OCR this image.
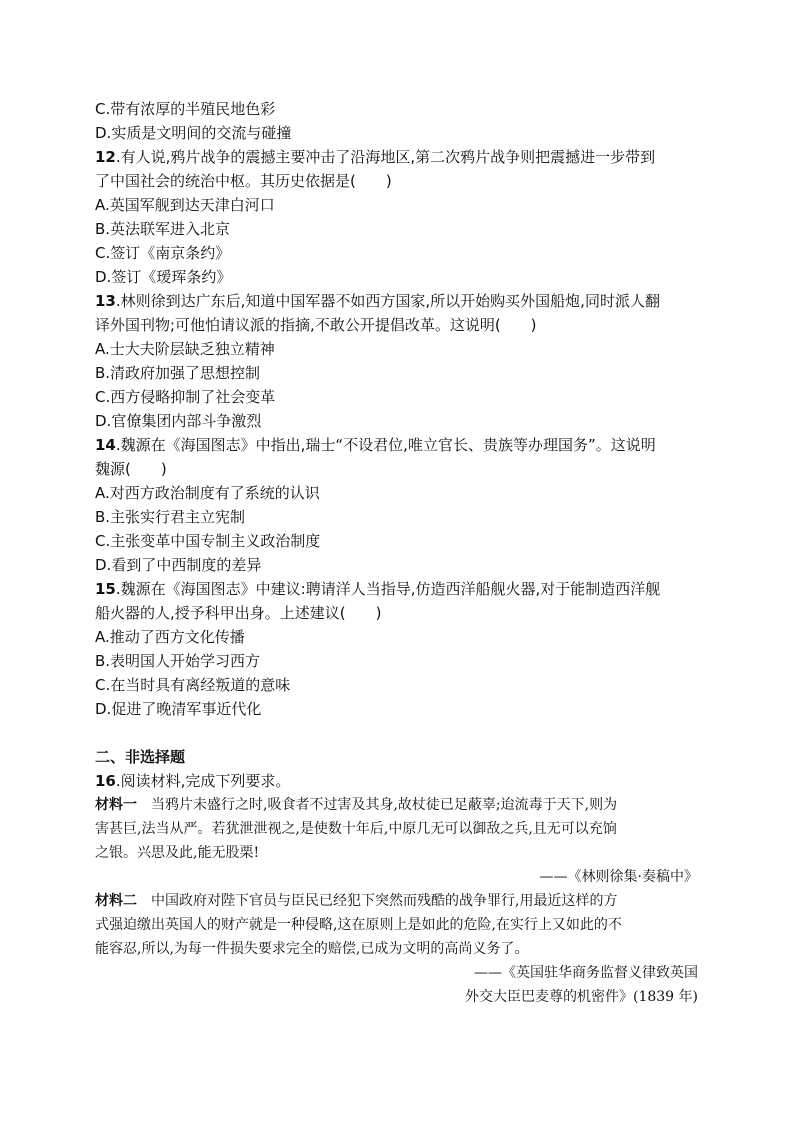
C.带有浓厚的半殖民地色彩
D.实质是文明间的交流与碰撞
12.有人说,鸦片战争的震撼主要冲击了沿海地区,第二次鸦片战争则把震撼进一步带到
了中国社会的统治中枢。其历史依据是(　　)
A.英国军舰到达天津白河口
B.英法联军进入北京
C.签订《南京条约》
D.签订《瑷珲条约》
13.林则徐到达广东后,知道中国军器不如西方国家,所以开始购买外国船炮,同时派人翻
译外国刊物;可他怕请议派的指摘,不敢公开提倡改革。这说明(　　)
A.士大夫阶层缺乏独立精神
B.清政府加强了思想控制
C.西方侵略抑制了社会变革
D.官僚集团内部斗争激烈
14.魏源在《海国图志》中指出,瑞士“不设君位,唯立官长、贵族等办理国务”。这说明
魏源(　　)
A.对西方政治制度有了系统的认识
B.主张实行君主立宪制
C.主张变革中国专制主义政治制度
D.看到了中西制度的差异
15.魏源在《海国图志》中建议:聘请洋人当指导,仿造西洋船舰火器,对于能制造西洋舰
船火器的人,授予科甲出身。上述建议(　　)
A.推动了西方文化传播
B.表明国人开始学习西方
C.在当时具有离经叛道的意味
D.促进了晚清军事近代化
二、非选择题
16.阅读材料,完成下列要求。
材料一 当鸦片未盛行之时,吸食者不过害及其身,故杖徒已足蔽辜;迨流毒于天下,则为
害甚巨,法当从严。若犹泄泄视之,是使数十年后,中原几无可以御敌之兵,且无可以充饷
之银。兴思及此,能无股栗!
——《林则徐集·奏稿中》
材料二 中国政府对陛下官员与臣民已经犯下突然而残酷的战争罪行,用最近这样的方
式强迫缴出英国人的财产就是一种侵略,这在原则上是如此的危险,在实行上又如此的不
能容忍,所以,为每一件损失要求完全的赔偿,已成为文明的高尚义务了。
——《英国驻华商务监督义律致英国
外交大臣巴麦尊的机密件》(1839 年)
